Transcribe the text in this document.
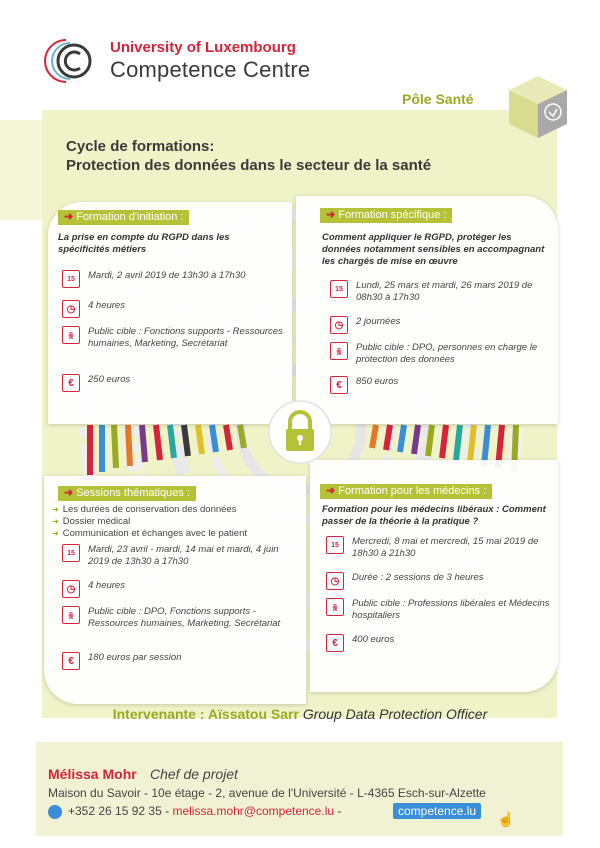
University of Luxembourg
Competence Centre
Pôle Santé
Cycle de formations:
Protection des données dans le secteur de la santé
➜ Formation d'initiation :
La prise en compte du RGPD dans les spécificités métiers
15	Mardi, 2 avril 2019 de 13h30 à 17h30
◷	4 heures
ꆜ	Public cible : Fonctions supports - Ressources humaines, Marketing, Secrétariat
€	250 euros
➜ Formation spécifique :
Comment appliquer le RGPD, protéger les données notamment sensibles en accompagnant les chargés de mise en œuvre
15	Lundi, 25 mars et mardi, 26 mars 2019 de 08h30 à 17h30
◷	2 journées
ꆜ	Public cible : DPO, personnes en charge le protection des données
€	850 euros
➜ Sessions thématiques :
➜ Les durées de conservation des données
➜ Dossier médical
➜ Communication et échanges avec le patient
15	Mardi, 23 avril - mardi, 14 mai et mardi, 4 juin 2019 de 13h30 à 17h30
◷	4 heures
ꆜ	Public cible : DPO, Fonctions supports - Ressources humaines, Marketing, Secrétariat
€	180 euros par session
➜ Formation pour les médecins :
Formation pour les médecins libéraux : Comment passer de la théorie à la pratique ?
15	Mercredi, 8 mai et mercredi, 15 mai 2019 de 18h30 à 21h30
◷	Durée : 2 sessions de 3 heures
ꆜ	Public cible : Professions libérales et Médecins hospitaliers
€	400 euros
Intervenante : Aïssatou Sarr Group Data Protection Officer
Mélissa Mohr Chef de projet
Maison du Savoir - 10e étage - 2, avenue de l'Université - L-4365 Esch-sur-Alzette
+352 26 15 92 35 - melissa.mohr@competence.lu -	competence.lu	☝
